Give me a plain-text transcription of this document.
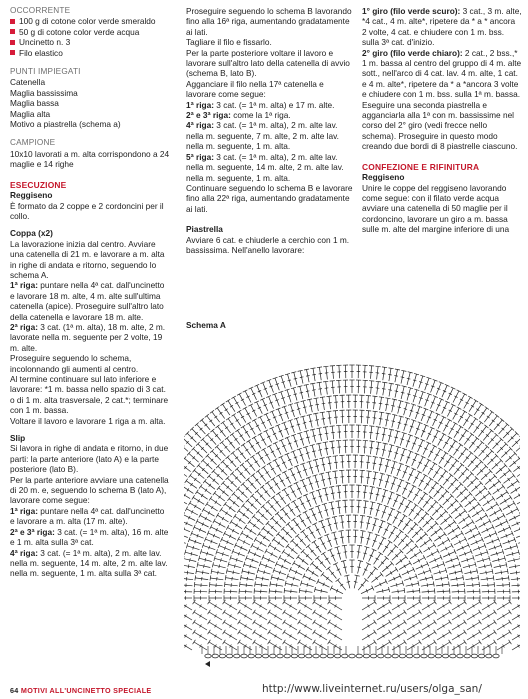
OCCORRENTE
100 g di cotone color verde smeraldo
50 g di cotone color verde acqua
Uncinetto n. 3
Filo elastico
PUNTI IMPIEGATI
Catenella
Maglia bassissima
Maglia bassa
Maglia alta
Motivo a piastrella (schema a)
CAMPIONE
10x10 lavorati a m. alta corrispondono a 24 maglie e 14 righe
ESECUZIONE
Reggiseno
È formato da 2 coppe e 2 cordoncini per il collo.
Coppa (x2)
La lavorazione inizia dal centro. Avviare una catenella di 21 m. e lavorare a m. alta in righe di andata e ritorno, seguendo lo schema A.
1ª riga: puntare nella 4ª cat. dall'uncinetto e lavorare 18 m. alte, 4 m. alte sull'ultima catenella (apice). Proseguire sull'altro lato della catenella e lavorare 18 m. alte.
2ª riga: 3 cat. (1ª m. alta), 18 m. alte, 2 m. lavorate nella m. seguente per 2 volte, 19 m. alte.
Proseguire seguendo lo schema, incolonnando gli aumenti al centro.
Al termine continuare sul lato inferiore e lavorare: *1 m. bassa nello spazio di 3 cat. o di 1 m. alta trasversale, 2 cat.*; terminare con 1 m. bassa.
Voltare il lavoro e lavorare 1 riga a m. alta.
Slip
Si lavora in righe di andata e ritorno, in due parti: la parte anteriore (lato A) e la parte posteriore (lato B).
Per la parte anteriore avviare una catenella di 20 m. e, seguendo lo schema B (lato A), lavorare come segue:
1ª riga: puntare nella 4ª cat. dall'uncinetto e lavorare a m. alta (17 m. alte).
2ª e 3ª riga: 3 cat. (= 1ª m. alta), 16 m. alte e 1 m. alta sulla 3ª cat.
4ª riga: 3 cat. (= 1ª m. alta), 2 m. alte lav. nella m. seguente, 14 m. alte, 2 m. alte lav. nella m. seguente, 1 m. alta sulla 3ª cat.
Proseguire seguendo lo schema B lavorando fino alla 16ª riga, aumentando gradatamente ai lati.
Tagliare il filo e fissarlo.
Per la parte posteriore voltare il lavoro e lavorare sull'altro lato della catenella di avvio (schema B, lato B).
Agganciare il filo nella 17ª catenella e lavorare come segue:
1ª riga: 3 cat. (= 1ª m. alta) e 17 m. alte.
2ª e 3ª riga: come la 1ª riga.
4ª riga: 3 cat. (= 1ª m. alta), 2 m. alte lav. nella m. seguente, 7 m. alte, 2 m. alte lav. nella m. seguente, 1 m. alta.
5ª riga: 3 cat. (= 1ª m. alta), 2 m. alte lav. nella m. seguente, 14 m. alte, 2 m. alte lav. nella m. seguente, 1 m. alta.
Continuare seguendo lo schema B e lavorare fino alla 22ª riga, aumentando gradatamente ai lati.
Piastrella
Avviare 6 cat. e chiuderle a cerchio con 1 m. bassissima. Nell'anello lavorare:
1° giro (filo verde scuro): 3 cat., 3 m. alte, *4 cat., 4 m. alte*, ripetere da * a * ancora 2 volte, 4 cat. e chiudere con 1 m. bss. sulla 3ª cat. d'inizio.
2° giro (filo verde chiaro): 2 cat., 2 bss.,* 1 m. bassa al centro del gruppo di 4 m. alte sott., nell'arco di 4 cat. lav. 4 m. alte, 1 cat. e 4 m. alte*, ripetere da * a *ancora 3 volte e chiudere con 1 m. bss. sulla 1ª m. bassa.
Eseguire una seconda piastrella e agganciarla alla 1ª con m. bassissime nel corso del 2° giro (vedi frecce nello schema). Proseguire in questo modo creando due bordi di 8 piastrelle ciascuno.
CONFEZIONE E RIFINITURA
Reggiseno
Unire le coppe del reggiseno lavorando come segue: con il filato verde acqua avviare una catenella di 50 maglie per il cordoncino, lavorare un giro a m. bassa sulle m. alte del margine inferiore di una
Schema A
64 MOTIVI ALL'UNCINETTO SPECIALE	http://www.liveinternet.ru/users/olga_san/
